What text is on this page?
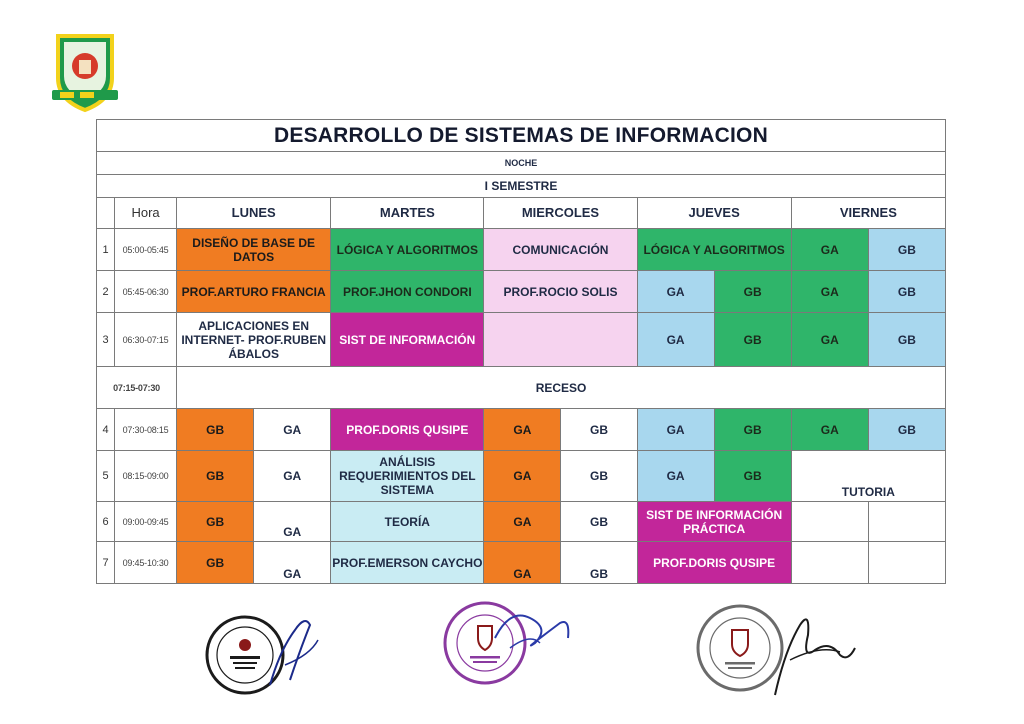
DESARROLLO DE SISTEMAS DE INFORMACION										
NOCHE										
I SEMESTRE										
	Hora	LUNES		MARTES	MIERCOLES		JUEVES		VIERNES	
1	05:00-05:45	DISEÑO DE BASE DE DATOS		LÓGICA Y ALGORITMOS	COMUNICACIÓN		LÓGICA Y ALGORITMOS		GA	GB
2	05:45-06:30	PROF.ARTURO FRANCIA		PROF.JHON CONDORI	PROF.ROCIO SOLIS		GA	GB	GA	GB
3	06:30-07:15	APLICACIONES EN INTERNET- PROF.RUBEN ÁBALOS		SIST DE INFORMACIÓN			GA	GB	GA	GB
07:15-07:30		RECESO								
4	07:30-08:15	GB	GA	PROF.DORIS QUSIPE	GA	GB	GA	GB	GA	GB
5	08:15-09:00	GB	GA	ANÁLISIS REQUERIMIENTOS DEL SISTEMA	GA	GB	GA	GB	TUTORIA	
6	09:00-09:45	GB	GA	TEORÍA	GA	GB	SIST DE INFORMACIÓN PRÁCTICA			
7	09:45-10:30	GB	GA	PROF.EMERSON CAYCHO	GA	GB	PROF.DORIS QUSIPE			
